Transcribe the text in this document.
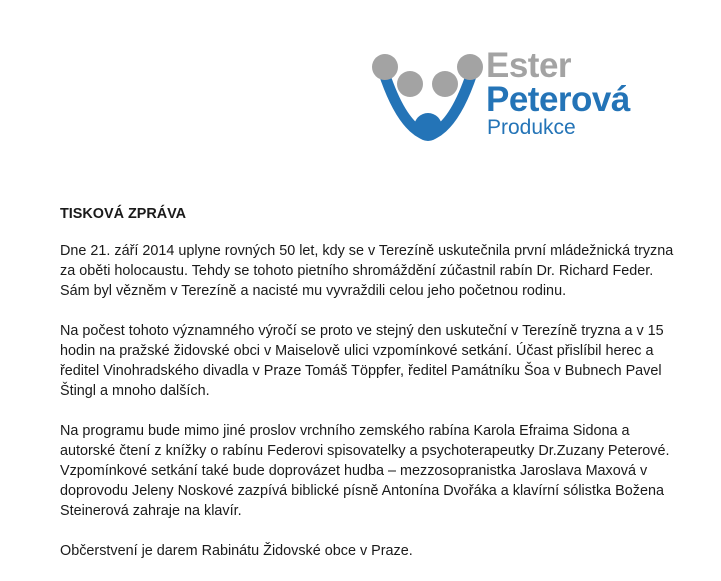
Ester
Peterová
Produkce
TISKOVÁ ZPRÁVA
Dne 21. září 2014 uplyne rovných 50 let, kdy se v Terezíně uskutečnila první mládežnická tryzna
za oběti holocaustu. Tehdy se tohoto pietního shromáždění zúčastnil rabín Dr. Richard Feder.
Sám byl vězněm v Terezíně a nacisté mu vyvraždili celou jeho početnou rodinu.
Na počest tohoto významného výročí se proto ve stejný den uskuteční v Terezíně tryzna a v 15
hodin na pražské židovské obci v Maiselově ulici vzpomínkové setkání. Účast přislíbil herec a
ředitel Vinohradského divadla v Praze Tomáš Töppfer, ředitel Památníku Šoa v Bubnech Pavel
Štingl a mnoho dalších.
Na programu bude mimo jiné proslov vrchního zemského rabína Karola Efraima Sidona a
autorské čtení z knížky o rabínu Federovi spisovatelky a psychoterapeutky Dr.Zuzany Peterové.
Vzpomínkové setkání také bude doprovázet hudba – mezzosopranistka Jaroslava Maxová v
doprovodu Jeleny Noskové zazpívá biblické písně Antonína Dvořáka a klavírní sólistka Božena
Steinerová zahraje na klavír.
Občerstvení je darem Rabinátu Židovské obce v Praze.
